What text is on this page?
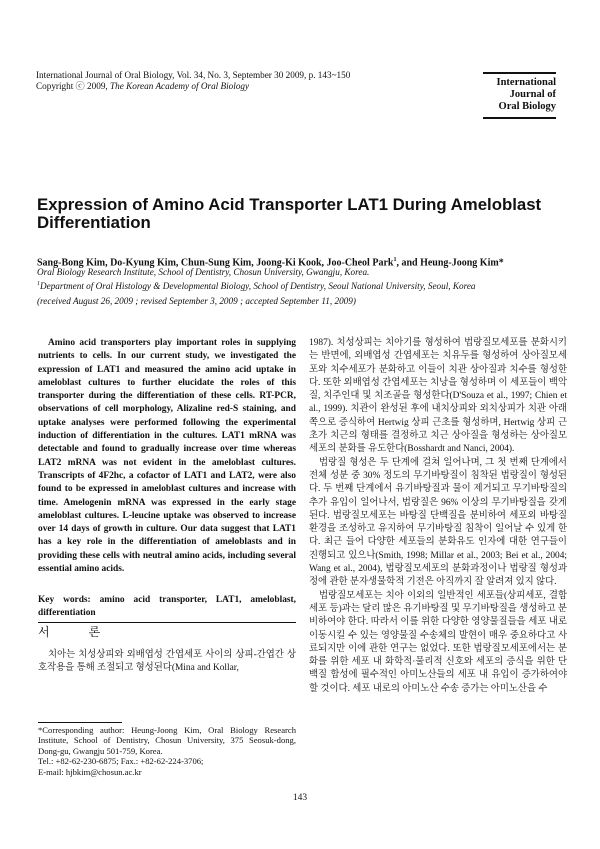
International Journal of Oral Biology, Vol. 34, No. 3, September 30 2009, p. 143~150
Copyright ⓒ 2009, The Korean Academy of Oral Biology	International
Journal of
Oral Biology
Expression of Amino Acid Transporter LAT1 During Ameloblast Differentiation
Sang-Bong Kim, Do-Kyung Kim, Chun-Sung Kim, Joong-Ki Kook, Joo-Cheol Park$^1$, and Heung-Joong Kim*
Oral Biology Research Institute, School of Dentistry, Chosun University, Gwangju, Korea.
$^1$Department of Oral Histology & Developmental Biology, School of Dentistry, Seoul National University, Seoul, Korea
(received August 26, 2009 ; revised September 3, 2009 ; accepted September 11, 2009)

Amino acid transporters play important roles in supplying nutrients to cells. In our current study, we investigated the expression of LAT1 and measured the amino acid uptake in ameloblast cultures to further elucidate the roles of this transporter during the differentiation of these cells. RT-PCR, observations of cell morphology, Alizaline red-S staining, and uptake analyses were performed following the experimental induction of differentiation in the cultures. LAT1 mRNA was detectable and found to gradually increase over time whereas LAT2 mRNA was not evident in the ameloblast cultures. Transcripts of 4F2hc, a cofactor of LAT1 and LAT2, were also found to be expressed in ameloblast cultures and increase with time. Amelogenin mRNA was expressed in the early stage ameloblast cultures. L-leucine uptake was observed to increase over 14 days of growth in culture. Our data suggest that LAT1 has a key role in the differentiation of ameloblasts and in providing these cells with neutral amino acids, including several essential amino acids.

Key words: amino acid transporter, LAT1, ameloblast, differentiation

서 론

치아는 치성상피와 외배엽성 간엽세포 사이의 상피-간엽간 상호작용을 통해 조절되고 형성된다(Mina and Kollar,

*Corresponding author: Heung-Joong Kim, Oral Biology Research Institute, School of Dentistry, Chosun University, 375 Seosuk-dong, Dong-gu, Gwangju 501-759, Korea.

Tel.: +82-62-230-6875; Fax.: +82-62-224-3706;

E-mail: hjbkim@chosun.ac.kr

1987). 치성상피는 치아기를 형성하여 법랑질모세포를 분화시키는 반면에, 외배엽성 간엽세포는 치유두를 형성하여 상아질모세포와 치수세포가 분화하고 이들이 치관 상아질과 치수를 형성한다. 또한 외배엽성 간엽세포는 치낭을 형성하며 이 세포들이 백악질, 치주인대 및 치조골을 형성한다(D'Souza et al., 1997; Chien et al., 1999). 치관이 완성된 후에 내치상피와 외치상피가 치관 아래쪽으로 증식하여 Hertwig 상피 근초를 형성하며, Hertwig 상피 근초가 치근의 형태를 결정하고 치근 상아질을 형성하는 상아질모세포의 분화를 유도한다(Bosshardt and Nanci, 2004).

법랑질 형성은 두 단계에 걸쳐 일어나며, 그 첫 번째 단계에서 전체 성분 중 30% 정도의 무기바탕질이 침착된 법랑질이 형성된다. 두 번째 단계에서 유기바탕질과 물이 제거되고 무기바탕질의 추가 유입이 일어나서, 법랑질은 96% 이상의 무기바탕질을 갖게 된다. 법랑질모세포는 바탕질 단백질을 분비하여 세포외 바탕질 환경을 조성하고 유지하여 무기바탕질 침착이 일어날 수 있게 한다. 최근 들어 다양한 세포들의 분화유도 인자에 대한 연구들이 진행되고 있으나(Smith, 1998; Millar et al., 2003; Bei et al., 2004; Wang et al., 2004), 법랑질모세포의 분화과정이나 법랑질 형성과정에 관한 분자생물학적 기전은 아직까지 잘 알려져 있지 않다.

법랑질모세포는 치아 이외의 일반적인 세포들(상피세포, 결합세포 등)과는 달리 많은 유기바탕질 및 무기바탕질을 생성하고 분비하여야 한다. 따라서 이를 위한 다양한 영양물질들을 세포 내로 이동시킬 수 있는 영양물질 수송체의 발현이 매우 중요하다고 사료되지만 이에 관한 연구는 없었다. 또한 법랑질모세포에서는 분화를 위한 세포 내 화학적·물리적 신호와 세포의 증식을 위한 단백질 합성에 필수적인 아미노산들의 세포 내 유입이 증가하여야 할 것이다. 세포 내로의 아미노산 수송 증가는 아미노산을 수

143
